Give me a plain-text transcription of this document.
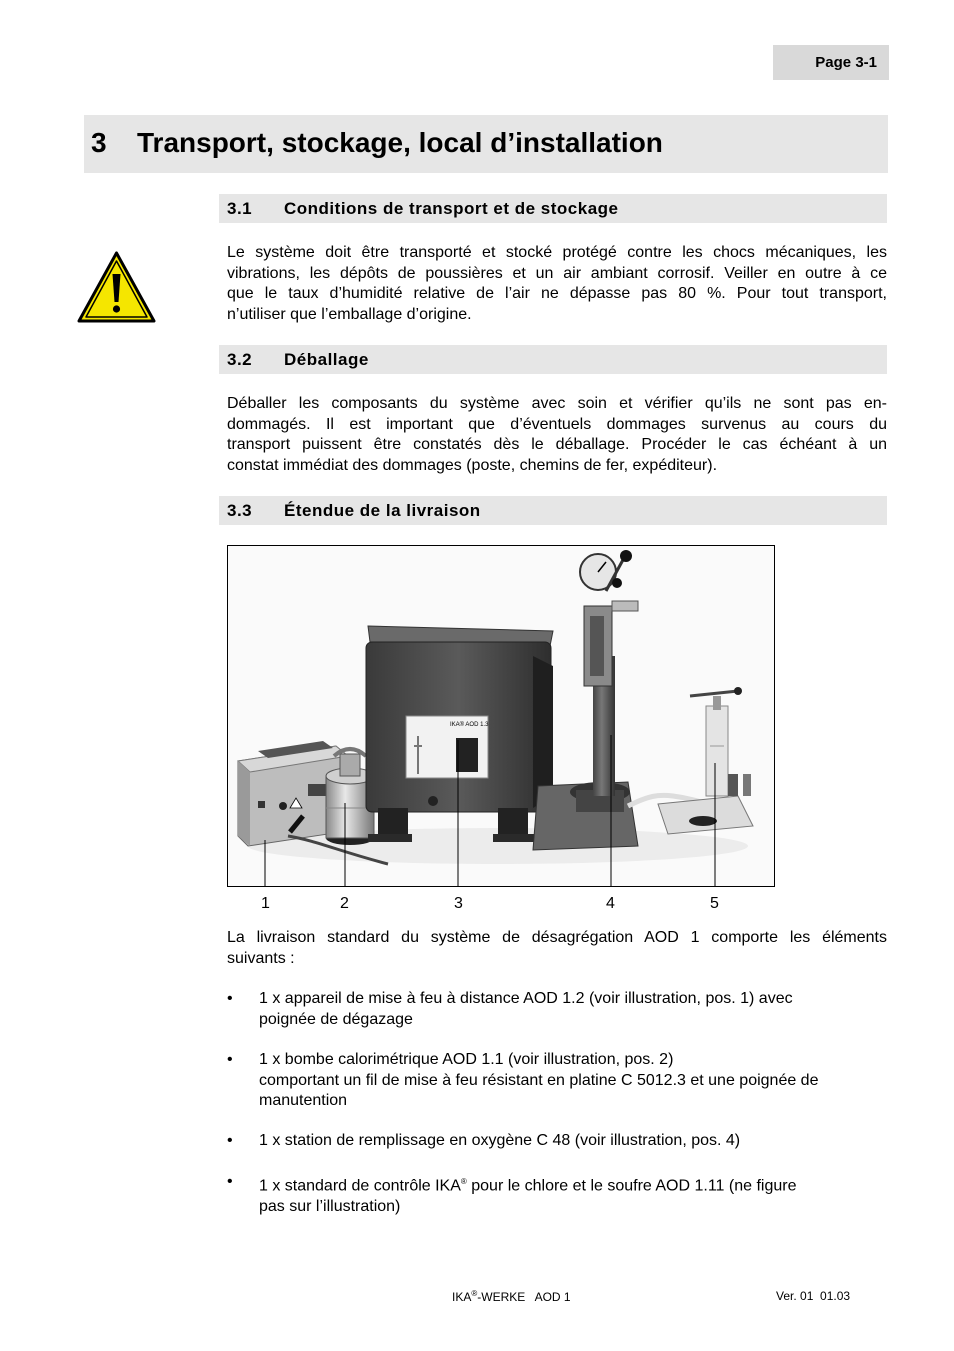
Page 3-1
3 Transport, stockage, local d’installation
3.1 Conditions de transport et de stockage
Le système doit être transporté et stocké protégé contre les chocs mécaniques, les
vibrations, les dépôts de poussières et un air ambiant corrosif. Veiller en outre à ce
que le taux d’humidité relative de l’air ne dépasse pas 80 %. Pour tout transport,
n’utiliser que l’emballage d’origine.
3.2 Déballage
Déballer les composants du système avec soin et vérifier qu’ils ne sont pas en-
dommagés. Il est important que d’éventuels dommages survenus au cours du
transport puissent être constatés dès le déballage. Procéder le cas échéant à un
constat immédiat des dommages (poste, chemins de fer, expéditeur).
3.3 Étendue de la livraison
IKA® AOD 1.3
1	2	3	4	5
La livraison standard du système de désagrégation AOD 1 comporte les éléments
suivants :
•	1 x appareil de mise à feu à distance AOD 1.2 (voir illustration, pos. 1) avec
poignée de dégazage
•	1 x bombe calorimétrique AOD 1.1 (voir illustration, pos. 2)
comportant un fil de mise à feu résistant en platine C 5012.3 et une poignée de
manutention
•	1 x station de remplissage en oxygène C 48 (voir illustration, pos. 4)
•	1 x standard de contrôle IKA® pour le chlore et le soufre AOD 1.11 (ne figure
pas sur l’illustration)
IKA®-WERKE   AOD 1	Ver. 01  01.03
